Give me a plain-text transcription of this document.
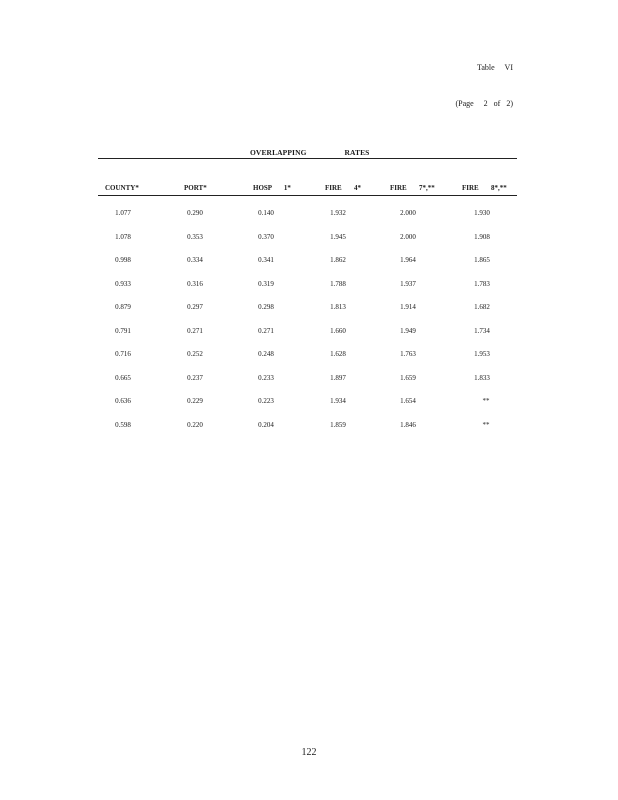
Table     VI

(Page     2   of   2)

OVERLAPPING	RATES
COUNTY*	PORT*	HOSP       1*	FIRE       4*	FIRE       7*,**	FIRE       8*,**
1.077	0.290	0.140	1.932	2.000	1.930
1.078	0.353	0.370	1.945	2.000	1.908
0.998	0.334	0.341	1.862	1.964	1.865
0.933	0.316	0.319	1.788	1.937	1.783
0.879	0.297	0.298	1.813	1.914	1.682
0.791	0.271	0.271	1.660	1.949	1.734
0.716	0.252	0.248	1.628	1.763	1.953
0.665	0.237	0.233	1.897	1.659	1.833
0.636	0.229	0.223	1.934	1.654	**
0.598	0.220	0.204	1.859	1.846	**
122
